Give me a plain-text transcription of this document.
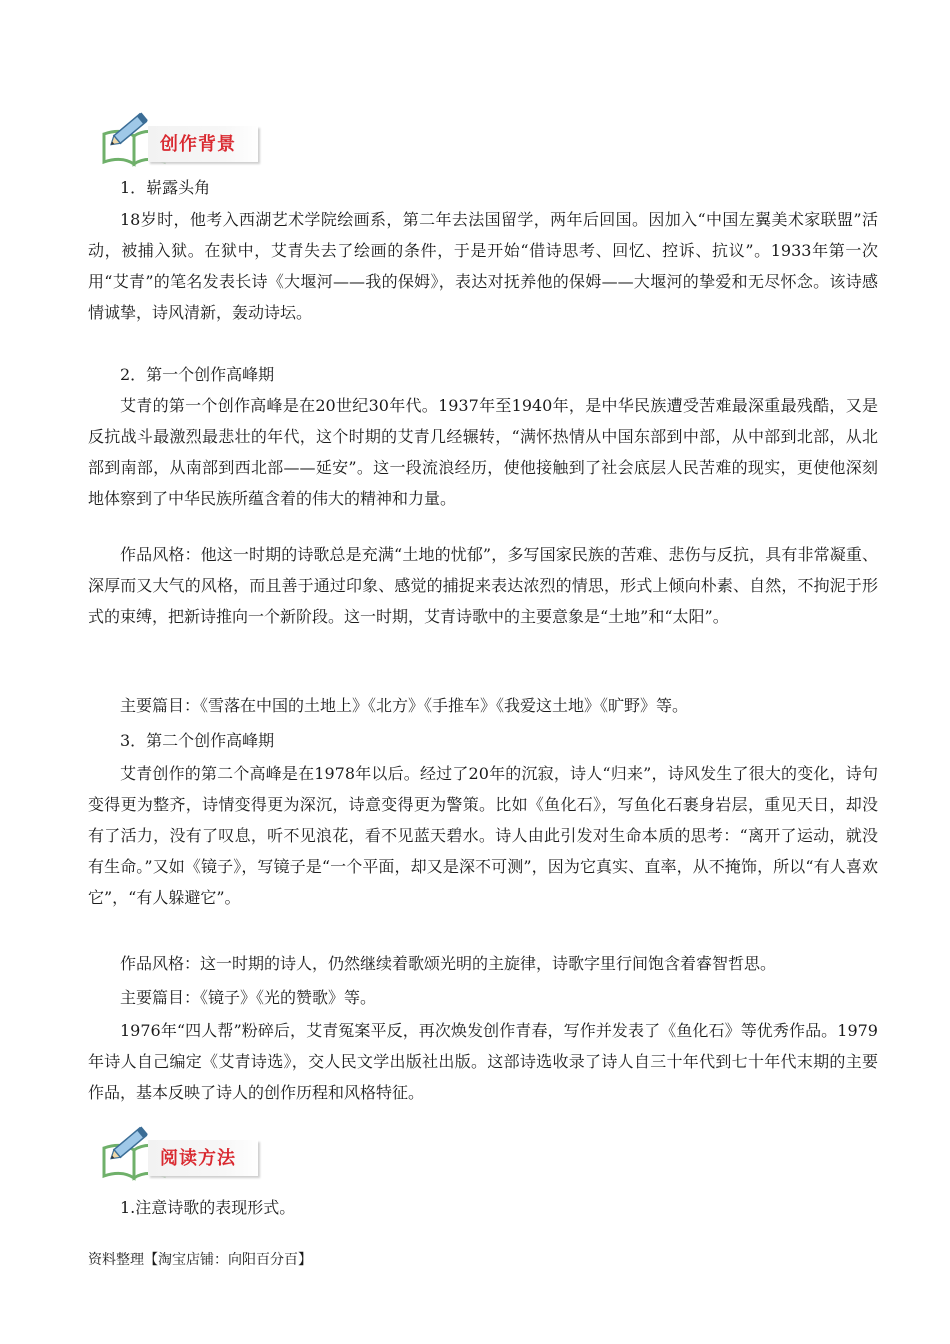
创作背景

1．崭露头角

18岁时，他考入西湖艺术学院绘画系，第二年去法国留学，两年后回国。因加入“中国左翼美术家联盟”活动，被捕入狱。在狱中，艾青失去了绘画的条件，于是开始“借诗思考、回忆、控诉、抗议”。1933年第一次用“艾青”的笔名发表长诗《大堰河——我的保姆》，表达对抚养他的保姆——大堰河的挚爱和无尽怀念。该诗感情诚挚，诗风清新，轰动诗坛。

2．第一个创作高峰期

艾青的第一个创作高峰是在20世纪30年代。1937年至1940年，是中华民族遭受苦难最深重最残酷，又是反抗战斗最激烈最悲壮的年代，这个时期的艾青几经辗转，“满怀热情从中国东部到中部，从中部到北部，从北部到南部，从南部到西北部——延安”。这一段流浪经历，使他接触到了社会底层人民苦难的现实，更使他深刻地体察到了中华民族所蕴含着的伟大的精神和力量。

作品风格：他这一时期的诗歌总是充满“土地的忧郁”，多写国家民族的苦难、悲伤与反抗，具有非常凝重、深厚而又大气的风格，而且善于通过印象、感觉的捕捉来表达浓烈的情思，形式上倾向朴素、自然，不拘泥于形式的束缚，把新诗推向一个新阶段。这一时期，艾青诗歌中的主要意象是“土地”和“太阳”。

主要篇目：《雪落在中国的土地上》《北方》《手推车》《我爱这土地》《旷野》等。

3．第二个创作高峰期

艾青创作的第二个高峰是在1978年以后。经过了20年的沉寂，诗人“归来”，诗风发生了很大的变化，诗句变得更为整齐，诗情变得更为深沉，诗意变得更为警策。比如《鱼化石》，写鱼化石裹身岩层，重见天日，却没有了活力，没有了叹息，听不见浪花，看不见蓝天碧水。诗人由此引发对生命本质的思考：“离开了运动，就没有生命。”又如《镜子》，写镜子是“一个平面，却又是深不可测”，因为它真实、直率，从不掩饰，所以“有人喜欢它”，“有人躲避它”。

作品风格：这一时期的诗人，仍然继续着歌颂光明的主旋律，诗歌字里行间饱含着睿智哲思。

主要篇目：《镜子》《光的赞歌》等。

1976年“四人帮”粉碎后，艾青冤案平反，再次焕发创作青春，写作并发表了《鱼化石》等优秀作品。1979年诗人自己编定《艾青诗选》，交人民文学出版社出版。这部诗选收录了诗人自三十年代到七十年代末期的主要作品，基本反映了诗人的创作历程和风格特征。

阅读方法

1.注意诗歌的表现形式。

资料整理【淘宝店铺：向阳百分百】
